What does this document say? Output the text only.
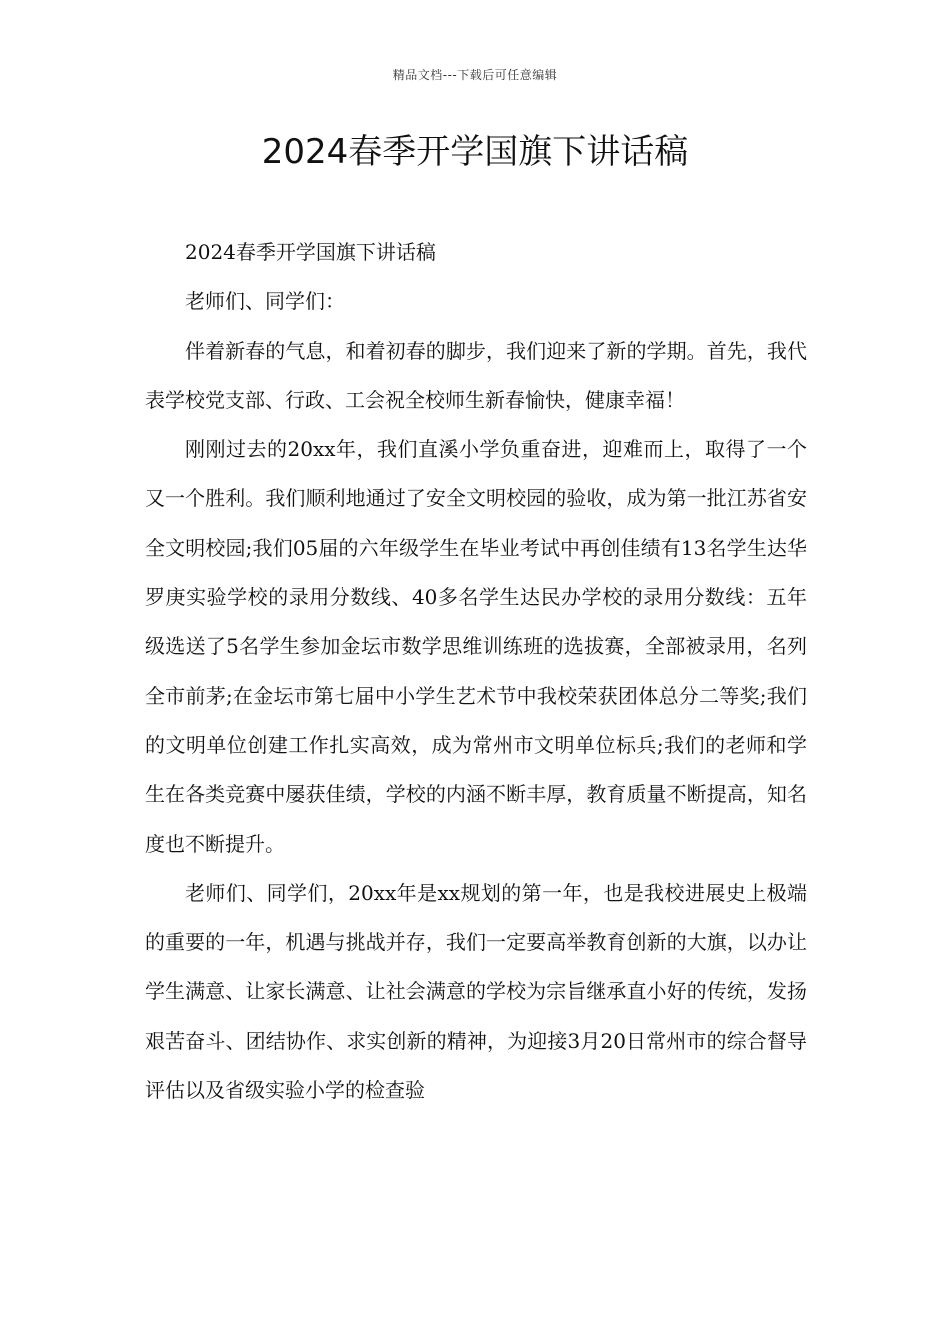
精品文档---下载后可任意编辑
2024春季开学国旗下讲话稿

2024春季开学国旗下讲话稿

老师们、同学们：

伴着新春的气息，和着初春的脚步，我们迎来了新的学期。首先，我代表学校党支部、行政、工会祝全校师生新春愉快，健康幸福！

刚刚过去的20xx年，我们直溪小学负重奋进，迎难而上，取得了一个又一个胜利。我们顺利地通过了安全文明校园的验收，成为第一批江苏省安全文明校园;我们05届的六年级学生在毕业考试中再创佳绩有13名学生达华罗庚实验学校的录用分数线、40多名学生达民办学校的录用分数线：五年级选送了5名学生参加金坛市数学思维训练班的选拔赛，全部被录用，名列全市前茅;在金坛市第七届中小学生艺术节中我校荣获团体总分二等奖;我们的文明单位创建工作扎实高效，成为常州市文明单位标兵;我们的老师和学生在各类竞赛中屡获佳绩，学校的内涵不断丰厚，教育质量不断提高，知名度也不断提升。

老师们、同学们，20xx年是xx规划的第一年，也是我校进展史上极端的重要的一年，机遇与挑战并存，我们一定要高举教育创新的大旗，以办让学生满意、让家长满意、让社会满意的学校为宗旨继承直小好的传统，发扬艰苦奋斗、团结协作、求实创新的精神，为迎接3月20日常州市的综合督导评估以及省级实验小学的检查验
